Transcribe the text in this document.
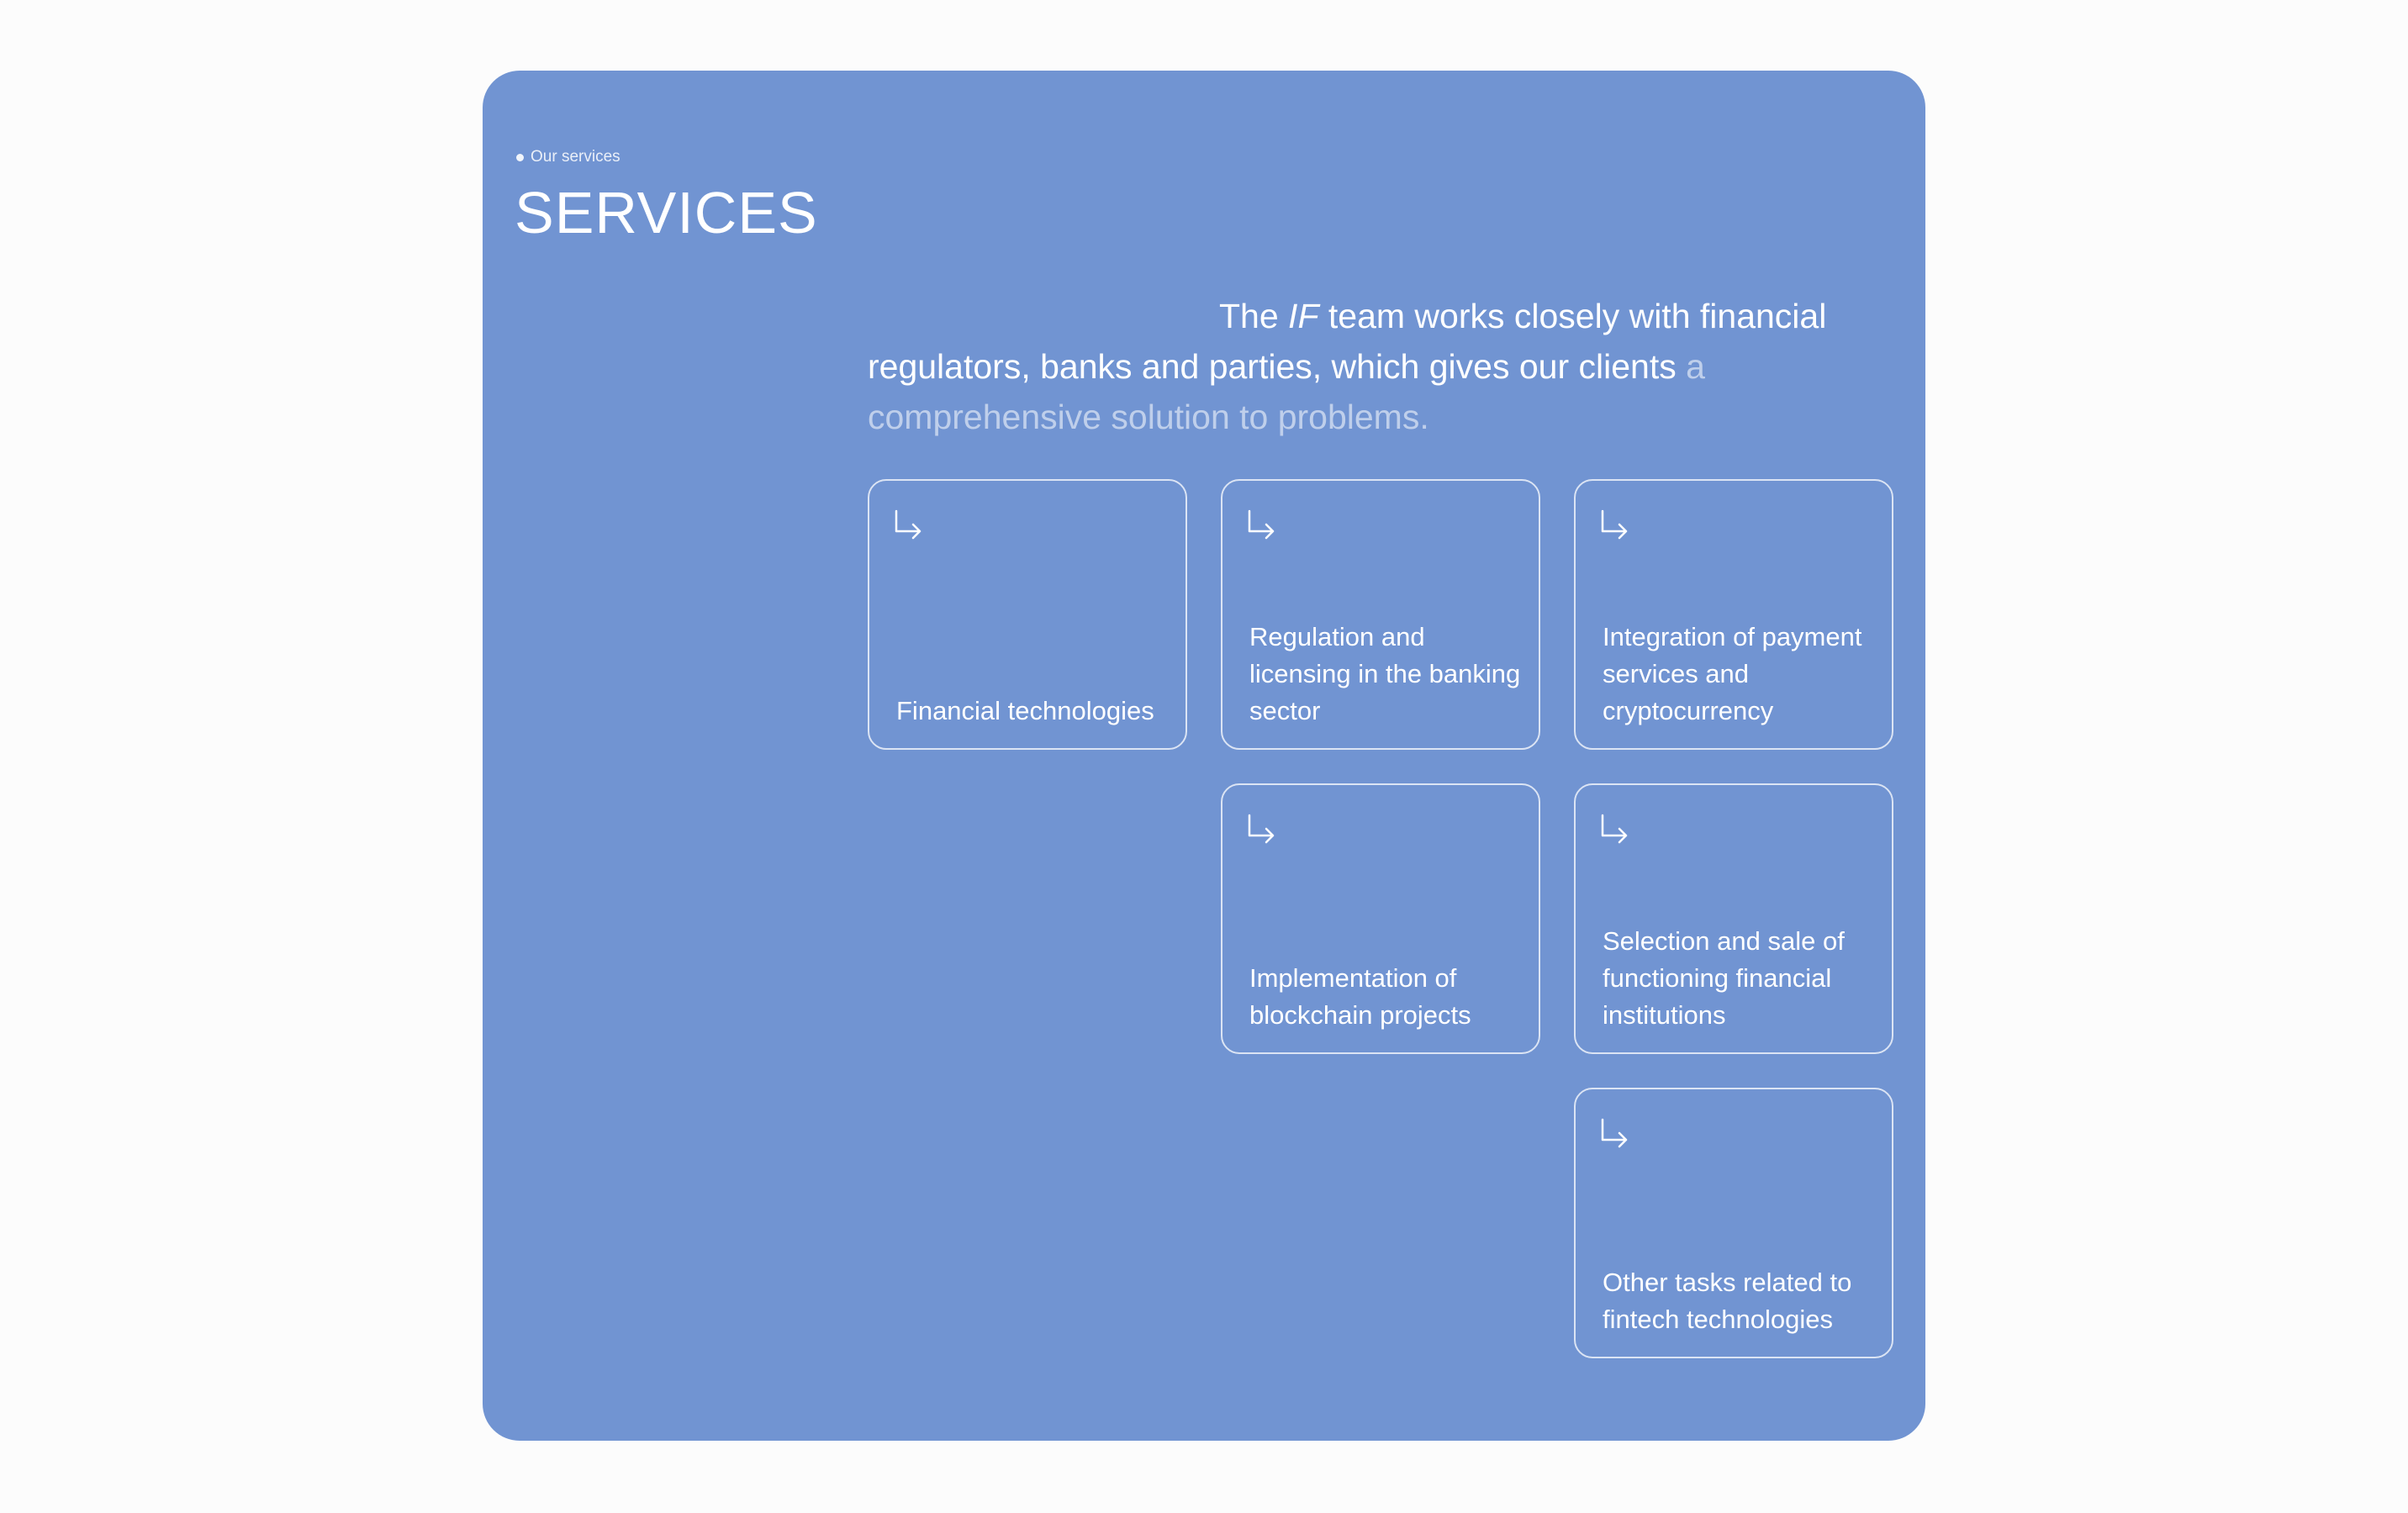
Our services
SERVICES

The IF team works closely with financial regulators, banks and parties, which gives our clients a comprehensive solution to problems.

Financial technologies
Regulation and licensing in the banking sector
Integration of payment services and cryptocurrency
Implementation of blockchain projects
Selection and sale of functioning financial institutions
Other tasks related to fintech technologies
